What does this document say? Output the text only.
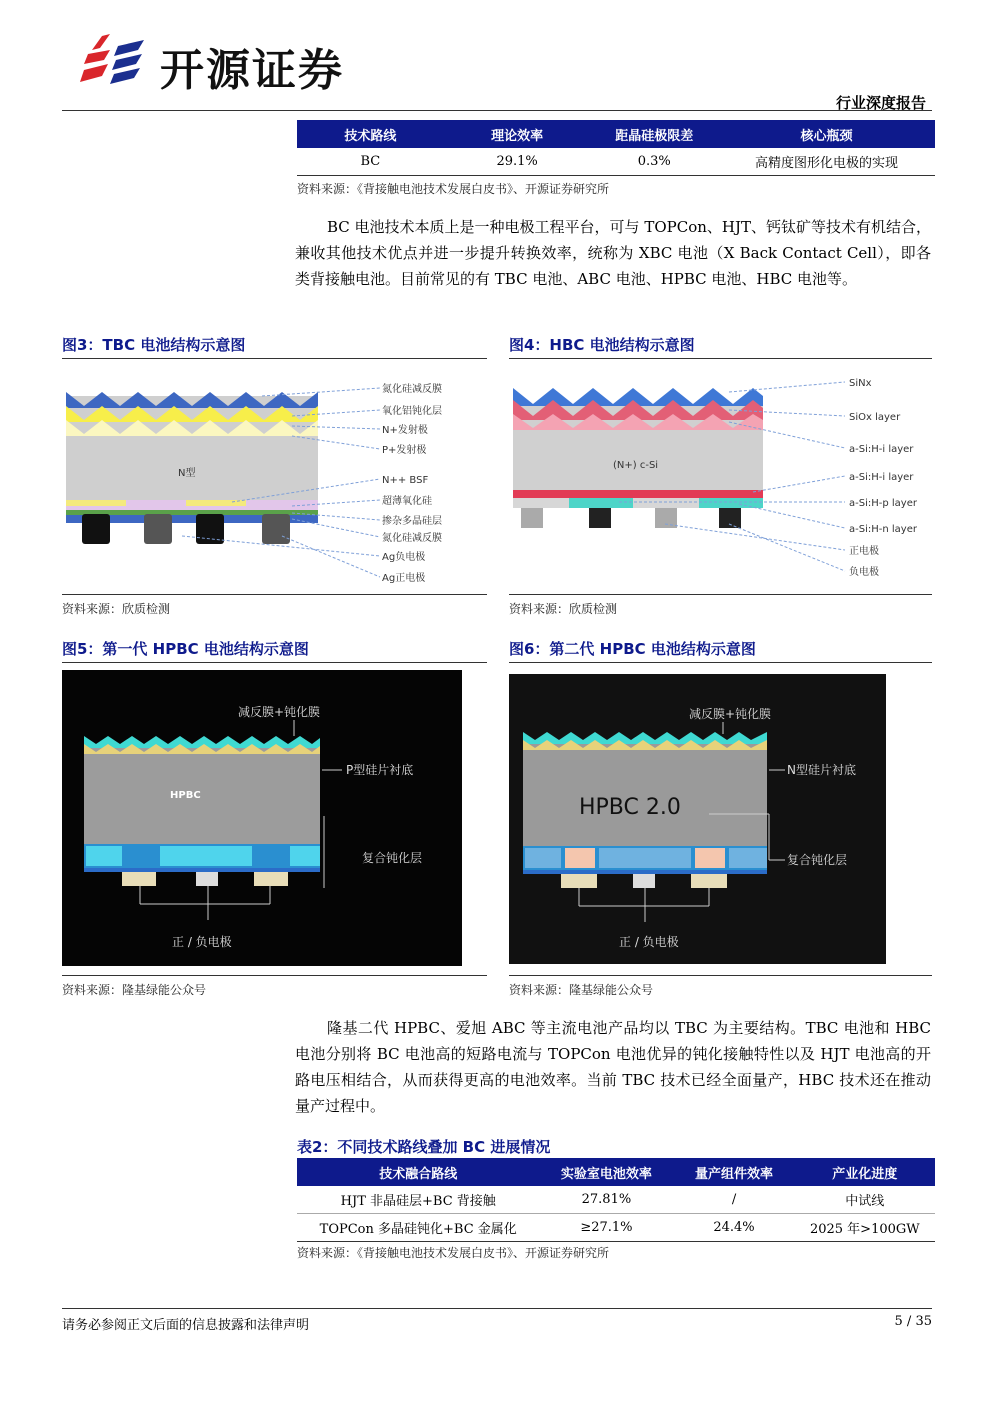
开源证券
行业深度报告
技术路线	理论效率	距晶硅极限差	核心瓶颈
BC	29.1%	0.3%	高精度图形化电极的实现
资料来源：《背接触电池技术发展白皮书》、开源证券研究所
BC 电池技术本质上是一种电极工程平台，可与 TOPCon、HJT、钙钛矿等技术有机结合，兼收其他技术优点并进一步提升转换效率，统称为 XBC 电池（X Back Contact Cell），即各类背接触电池。目前常见的有 TBC 电池、ABC 电池、HPBC 电池、HBC 电池等。
图3：TBC 电池结构示意图
N型
氮化硅减反膜
氧化铝钝化层
N+发射极
P+发射极
N++ BSF
超薄氧化硅
掺杂多晶硅层
氮化硅减反膜
Ag负电极
Ag正电极
资料来源：欣质检测
图4：HBC 电池结构示意图
(N+) c-Si
SiNx
SiOx layer
a-Si:H-i layer
a-Si:H-i layer
a-Si:H-p layer
a-Si:H-n layer
正电极
负电极
资料来源：欣质检测
图5：第一代 HPBC 电池结构示意图
HPBC
减反膜+钝化膜
P型硅片衬底
复合钝化层
正 / 负电极
资料来源：隆基绿能公众号
图6：第二代 HPBC 电池结构示意图
HPBC 2.0
减反膜+钝化膜
N型硅片衬底
复合钝化层
正 / 负电极
资料来源：隆基绿能公众号
隆基二代 HPBC、爱旭 ABC 等主流电池产品均以 TBC 为主要结构。TBC 电池和 HBC 电池分别将 BC 电池高的短路电流与 TOPCon 电池优异的钝化接触特性以及 HJT 电池高的开路电压相结合，从而获得更高的电池效率。当前 TBC 技术已经全面量产，HBC 技术还在推动量产过程中。
表2：不同技术路线叠加 BC 进展情况
技术融合路线	实验室电池效率	量产组件效率	产业化进度
HJT 非晶硅层+BC 背接触	27.81%	/	中试线
TOPCon 多晶硅钝化+BC 金属化	≥27.1%	24.4%	2025 年>100GW
资料来源：《背接触电池技术发展白皮书》、开源证券研究所
请务必参阅正文后面的信息披露和法律声明	5 / 35
